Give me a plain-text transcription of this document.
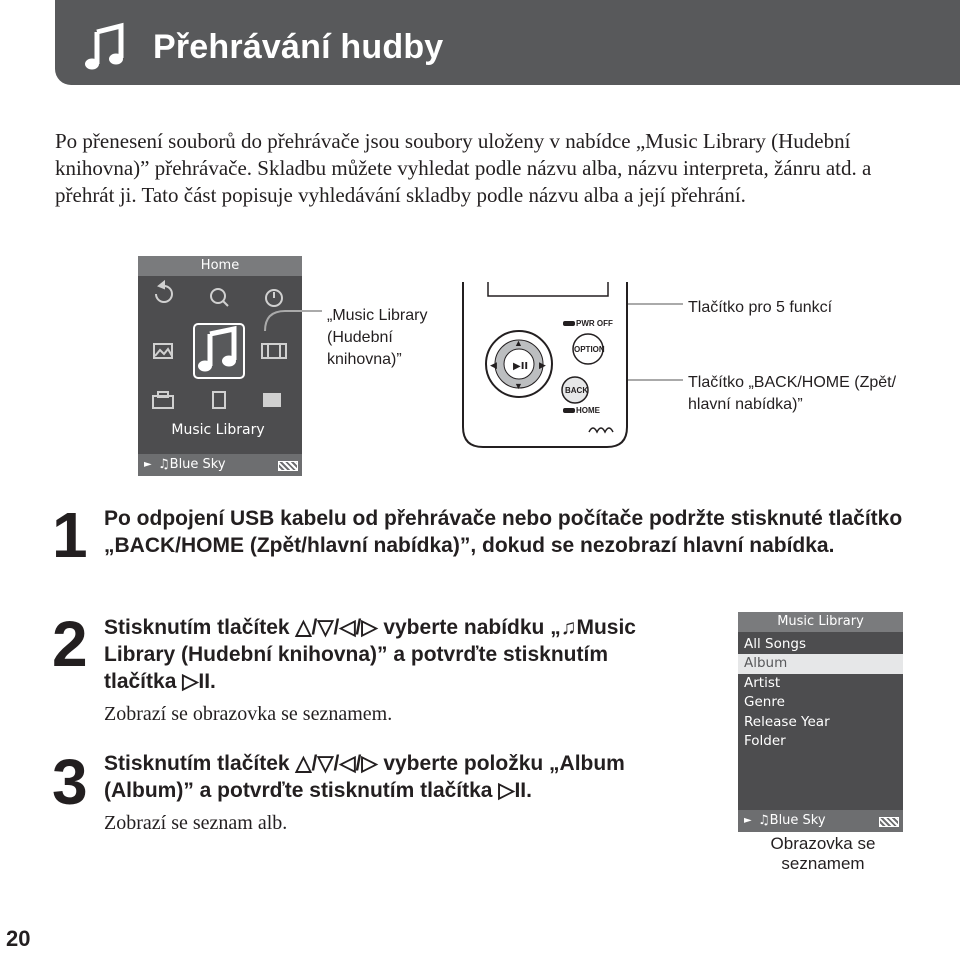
Přehrávání hudby

Po přenesení souborů do přehrávače jsou soubory uloženy v nabídce „Music Library (Hudební knihovna)” přehrávače. Skladbu můžete vyhledat podle názvu alba, názvu interpreta, žánru atd. a přehrát ji. Tato část popisuje vyhledávání skladby podle názvu alba a její přehrání.

Home
Music Library
► ♫Blue Sky

„Music Library
(Hudební
knihovna)”	▶II
▲
▼
◀	▶
PWR OFF
OPTION
BACK
HOME

Tlačítko pro 5 funkcí

Tlačítko „BACK/HOME (Zpět/
hlavní nabídka)”

1 Po odpojení USB kabelu od přehrávače nebo počítače podržte stisknuté tlačítko „BACK/HOME (Zpět/hlavní nabídka)”, dokud se nezobrazí hlavní nabídka.

2 Stisknutím tlačítek △/▽/◁/▷ vyberte nabídku „♫Music
Library (Hudební knihovna)” a potvrďte stisknutím
tlačítka ▷II.

Zobrazí se obrazovka se seznamem.

3 Stisknutím tlačítek △/▽/◁/▷ vyberte položku „Album
(Album)” a potvrďte stisknutím tlačítka ▷II.

Zobrazí se seznam alb.

Music Library
All Songs
Album
Artist
Genre
Release Year
Folder
► ♫Blue Sky
Obrazovka se seznamem
20
